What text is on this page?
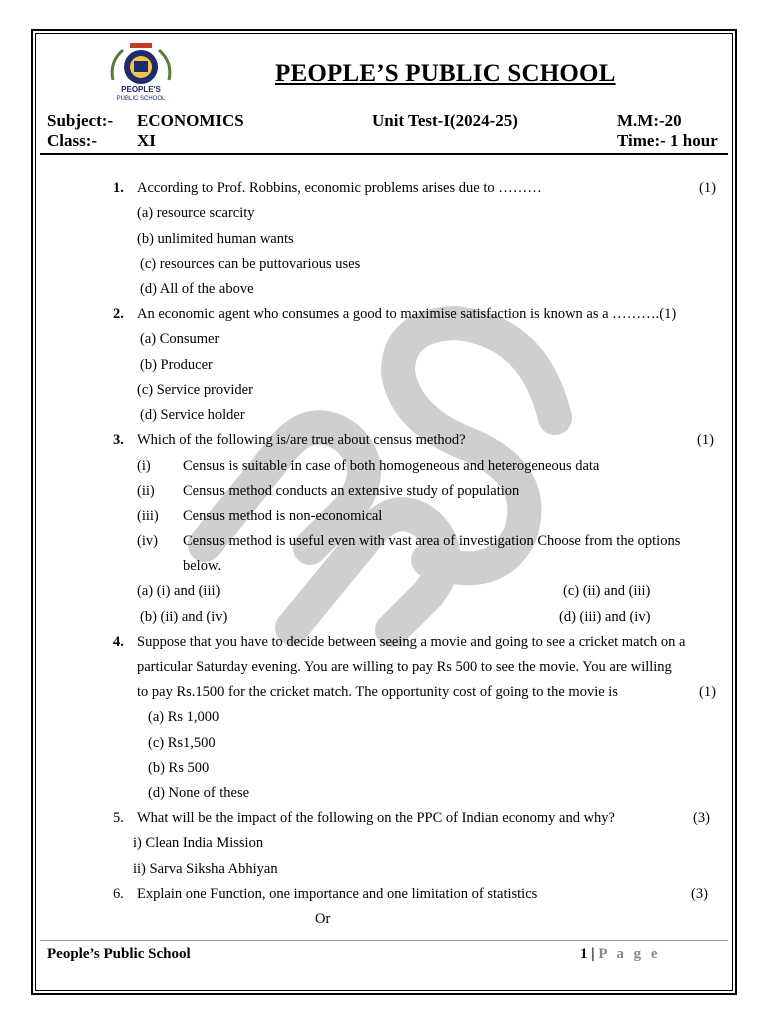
PPS
PEOPLE'S
PUBLIC SCHOOL
PEOPLE’S PUBLIC SCHOOL
Subject:- ECONOMICS	Unit Test-I(2024-25)	M.M:-20
Class:- XI	Time:- 1 hour
1. According to Prof. Robbins, economic problems arises due to ………	(1)
(a) resource scarcity
(b) unlimited human wants
(c) resources can be puttovarious uses
(d) All of the above
2. An economic agent who consumes a good to maximise satisfaction is known as a ……….(1)
(a) Consumer
(b) Producer
(c) Service provider
(d) Service holder
3. Which of the following is/are true about census method?	(1)
(i) Census is suitable in case of both homogeneous and heterogeneous data
(ii) Census method conducts an extensive study of population
(iii) Census method is non-economical
(iv) Census method is useful even with vast area of investigation Choose from the options
below.
(a) (i) and (iii)	(c) (ii) and (iii)
(b) (ii) and (iv)	(d) (iii) and (iv)
4. Suppose that you have to decide between seeing a movie and going to see a cricket match on a
particular Saturday evening. You are willing to pay Rs 500 to see the movie. You are willing
to pay Rs.1500 for the cricket match. The opportunity cost of going to the movie is	(1)
(a) Rs 1,000
(c) Rs1,500
(b) Rs 500
(d) None of these
5. What will be the impact of the following on the PPC of Indian economy and why?	(3)
i) Clean India Mission
ii) Sarva Siksha Abhiyan
6. Explain one Function, one importance and one limitation of statistics	(3)
Or
People’s Public School	1 | P a g e
